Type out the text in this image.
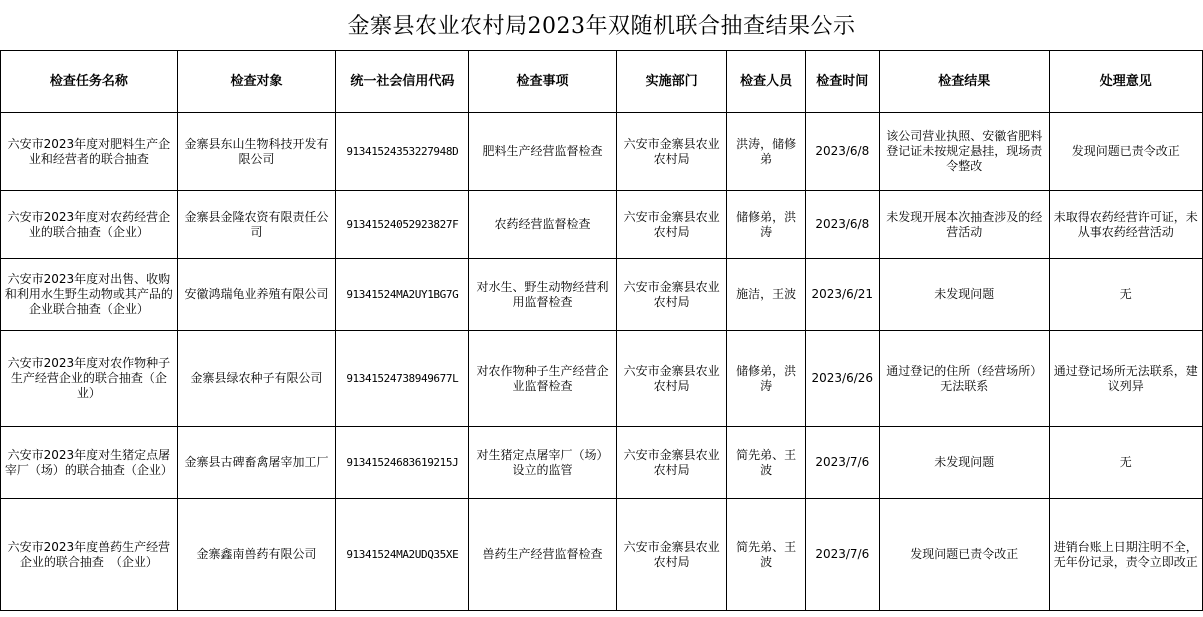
金寨县农业农村局2023年双随机联合抽查结果公示
检查任务名称	检查对象	统一社会信用代码	检查事项	实施部门	检查人员	检查时间	检查结果	处理意见
六安市2023年度对肥料生产企业和经营者的联合抽查	金寨县东山生物科技开发有限公司	91341524353227948D	肥料生产经营监督检查	六安市金寨县农业农村局	洪涛，储修弟	2023/6/8	该公司营业执照、安徽省肥料登记证未按规定悬挂，现场责令整改	发现问题已责令改正
六安市2023年度对农药经营企业的联合抽查（企业）	金寨县金隆农资有限责任公司	91341524052923827F	农药经营监督检查	六安市金寨县农业农村局	储修弟，洪涛	2023/6/8	未发现开展本次抽查涉及的经营活动	未取得农药经营许可证，未从事农药经营活动
六安市2023年度对出售、收购和利用水生野生动物或其产品的企业联合抽查（企业）	安徽鸿瑞龟业养殖有限公司	91341524MA2UY1BG7G	对水生、野生动物经营利用监督检查	六安市金寨县农业农村局	施洁，王波	2023/6/21	未发现问题	无
六安市2023年度对农作物种子生产经营企业的联合抽查（企业）	金寨县绿农种子有限公司	91341524738949677L	对农作物种子生产经营企业监督检查	六安市金寨县农业农村局	储修弟，洪涛	2023/6/26	通过登记的住所（经营场所）无法联系	通过登记场所无法联系，建议列异
六安市2023年度对生猪定点屠宰厂（场）的联合抽查（企业）	金寨县古碑畜禽屠宰加工厂	91341524683619215J	对生猪定点屠宰厂（场）设立的监管	六安市金寨县农业农村局	简先弟、王波	2023/7/6	未发现问题	无
六安市2023年度兽药生产经营企业的联合抽查　（企业）	金寨鑫南兽药有限公司	91341524MA2UDQ35XE	兽药生产经营监督检查	六安市金寨县农业农村局	简先弟、王波	2023/7/6	发现问题已责令改正	进销台账上日期注明不全，无年份记录，责令立即改正
